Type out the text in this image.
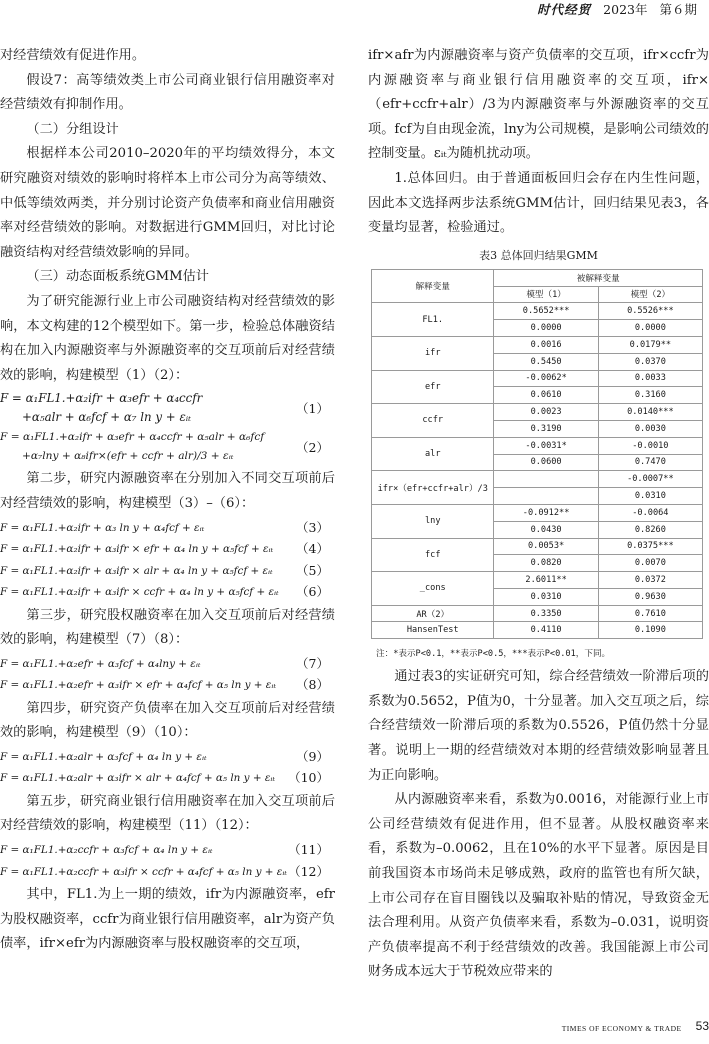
时代经贸 2023年 第６期

对经营绩效有促进作用。

假设7：高等绩效类上市公司商业银行信用融资率对经营绩效有抑制作用。

（二）分组设计

根据样本公司2010–2020年的平均绩效得分，本文研究融资对绩效的影响时将样本上市公司分为高等绩效、中低等绩效两类，并分别讨论资产负债率和商业信用融资率对经营绩效的影响。对数据进行GMM回归，对比讨论融资结构对经营绩效影响的异同。

（三）动态面板系统GMM估计

为了研究能源行业上市公司融资结构对经营绩效的影响，本文构建的12个模型如下。第一步，检验总体融资结构在加入内源融资率与外源融资率的交互项前后对经营绩效的影响，构建模型（1）（2）：

F = α₁FL1.+α₂ifr + α₃efr + α₄ccfr
+α₅alr + α₆fcf + α₇ ln y + εᵢₜ
（1）
F = α₁FL1.+α₂ifr + α₃efr + α₄ccfr + α₅alr + α₆fcf
+α₇lny + α₈ifr×(efr + ccfr + alr)/3 + εᵢₜ
（2）

第二步，研究内源融资率在分别加入不同交互项前后对经营绩效的影响，构建模型（3）–（6）：

F = α₁FL1.+α₂ifr + α₃ ln y + α₄fcf + εᵢₜ	（3）
F = α₁FL1.+α₂ifr + α₃ifr × efr + α₄ ln y + α₅fcf + εᵢₜ （4）
F = α₁FL1.+α₂ifr + α₃ifr × alr + α₄ ln y + α₅fcf + εᵢₜ （5）
F = α₁FL1.+α₂ifr + α₃ifr × ccfr + α₄ ln y + α₅fcf + εᵢₜ （6）

第三步，研究股权融资率在加入交互项前后对经营绩效的影响，构建模型（7）（8）：

F = α₁FL1.+α₂efr + α₃fcf + α₄lny + εᵢₜ	（7）
F = α₁FL1.+α₂efr + α₃ifr × efr + α₄fcf + α₅ ln y + εᵢₜ （8）

第四步，研究资产负债率在加入交互项前后对经营绩效的影响，构建模型（9）（10）：

F = α₁FL1.+α₂alr + α₃fcf + α₄ ln y + εᵢₜ	（9）
F = α₁FL1.+α₂alr + α₃ifr × alr + α₄fcf + α₅ ln y + εᵢₜ （10）

第五步，研究商业银行信用融资率在加入交互项前后对经营绩效的影响，构建模型（11）（12）：

F = α₁FL1.+α₂ccfr + α₃fcf + α₄ ln y + εᵢₜ	（11）
F = α₁FL1.+α₂ccfr + α₃ifr × ccfr + α₄fcf + α₅ ln y + εᵢₜ （12）

其中，FL1.为上一期的绩效，ifr为内源融资率，efr为股权融资率，ccfr为商业银行信用融资率，alr为资产负债率，ifr×efr为内源融资率与股权融资率的交互项，

ifr×afr为内源融资率与资产负债率的交互项，ifr×ccfr为内源融资率与商业银行信用融资率的交互项，ifr×（efr+ccfr+alr）/3为内源融资率与外源融资率的交互项。fcf为自由现金流，lny为公司规模，是影响公司绩效的控制变量。εᵢₜ为随机扰动项。

1.总体回归。由于普通面板回归会存在内生性问题，因此本文选择两步法系统GMM估计，回归结果见表3，各变量均显著，检验通过。

表3 总体回归结果GMM
解释变量	被解释变量	
	模型（1）	模型（2）
FL1.	0.5652***	0.5526***
	0.0000	0.0000
ifr	0.0016	0.0179**
	0.5450	0.0370
efr	-0.0062*	0.0033
	0.0610	0.3160
ccfr	0.0023	0.0140***
	0.3190	0.0030
alr	-0.0031*	-0.0010
	0.0600	0.7470
ifr×（efr+ccfr+alr）/3		-0.0007**
		0.0310
lny	-0.0912**	-0.0064
	0.0430	0.8260
fcf	0.0053*	0.0375***
	0.0820	0.0070
_cons	2.6011**	0.0372
	0.0310	0.9630
AR（2）	0.3350	0.7610
HansenTest	0.4110	0.1090
注：*表示P<0.1，**表示P<0.5，***表示P<0.01，下同。

通过表3的实证研究可知，综合经营绩效一阶滞后项的系数为0.5652，P值为0，十分显著。加入交互项之后，综合经营绩效一阶滞后项的系数为0.5526，P值仍然十分显著。说明上一期的经营绩效对本期的经营绩效影响显著且为正向影响。

从内源融资率来看，系数为0.0016，对能源行业上市公司经营绩效有促进作用，但不显著。从股权融资率来看，系数为–0.0062，且在10%的水平下显著。原因是目前我国资本市场尚未足够成熟，政府的监管也有所欠缺，上市公司存在盲目圈钱以及骗取补贴的情况，导致资金无法合理利用。从资产负债率来看，系数为–0.031，说明资产负债率提高不利于经营绩效的改善。我国能源上市公司财务成本远大于节税效应带来的

TIMES OF ECONOMY & TRADE 53
